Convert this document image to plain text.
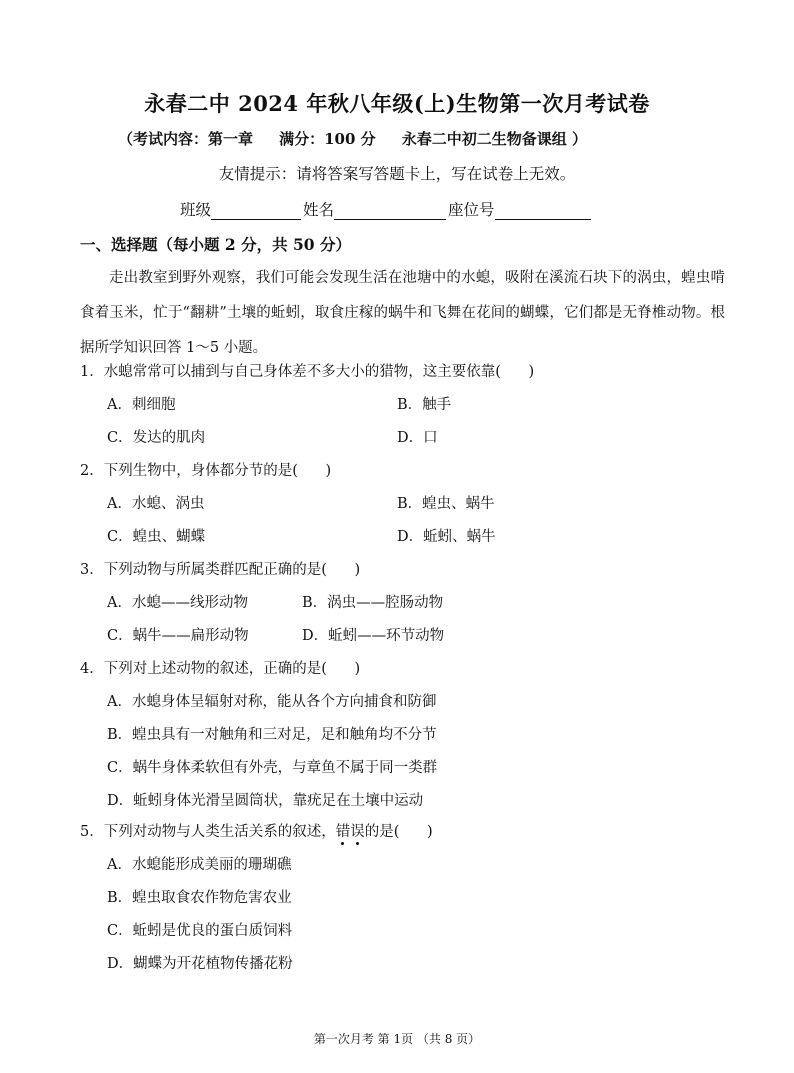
永春二中 2024 年秋八年级(上)生物第一次月考试卷
（考试内容：第一章     满分：100 分     永春二中初二生物备课组 ）
友情提示：请将答案写答题卡上，写在试卷上无效。
班级	姓名	座位号
一、选择题（每小题 2 分，共 50 分）
走出教室到野外观察，我们可能会发现生活在池塘中的水螅，吸附在溪流石块下的涡虫，蝗虫啃食着玉米，忙于“翻耕”土壤的蚯蚓，取食庄稼的蜗牛和飞舞在花间的蝴蝶，它们都是无脊椎动物。根据所学知识回答 1～5 小题。
1．水螅常常可以捕到与自己身体差不多大小的猎物，这主要依靠(      )
A．刺细胞	B．触手
C．发达的肌肉	D．口
2．下列生物中，身体都分节的是(      )
A．水螅、涡虫	B．蝗虫、蜗牛
C．蝗虫、蝴蝶	D．蚯蚓、蜗牛
3．下列动物与所属类群匹配正确的是(      )
A．水螅——线形动物	B．涡虫——腔肠动物
C．蜗牛——扁形动物	D．蚯蚓——环节动物
4．下列对上述动物的叙述，正确的是(      )
A．水螅身体呈辐射对称，能从各个方向捕食和防御
B．蝗虫具有一对触角和三对足，足和触角均不分节
C．蜗牛身体柔软但有外壳，与章鱼不属于同一类群
D．蚯蚓身体光滑呈圆筒状，靠疣足在土壤中运动
5．下列对动物与人类生活关系的叙述，错误的是(      )
A．水螅能形成美丽的珊瑚礁
B．蝗虫取食农作物危害农业
C．蚯蚓是优良的蛋白质饲料
D．蝴蝶为开花植物传播花粉
第一次月考 第 1页 （共 8 页）
